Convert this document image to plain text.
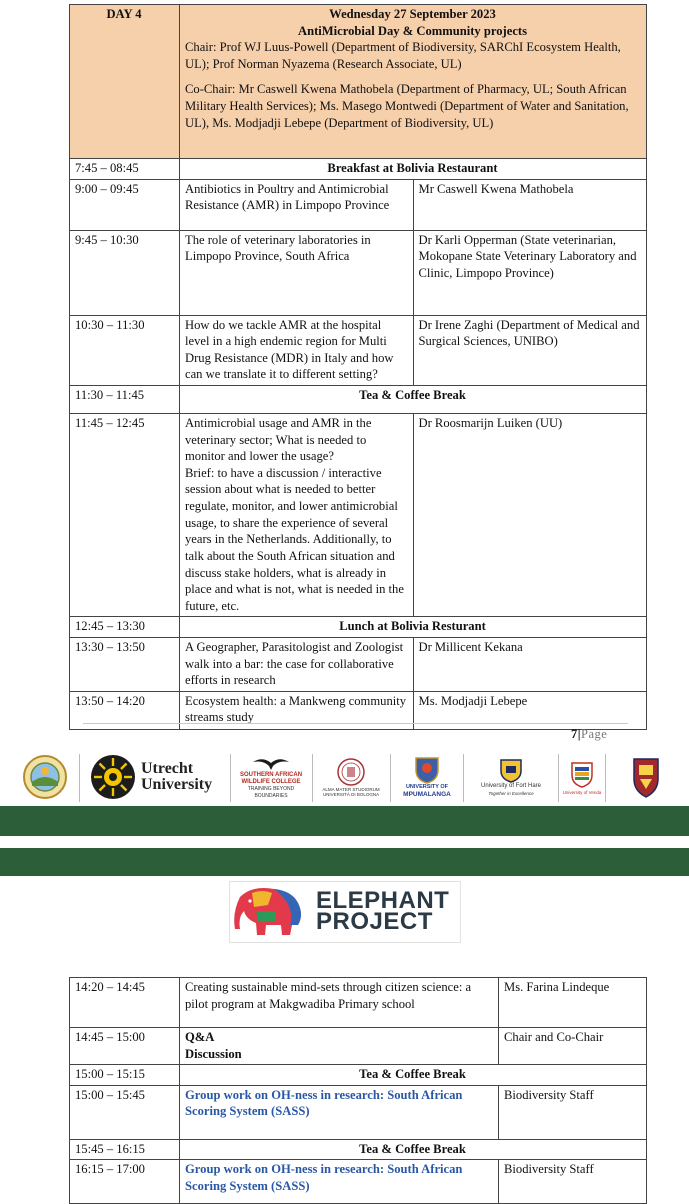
DAY 4	Wednesday 27 September 2023
AntiMicrobial Day & Community projects
Chair: Prof WJ Luus-Powell (Department of Biodiversity, SARChI Ecosystem Health, UL); Prof Norman Nyazema (Research Associate, UL)
Co-Chair: Mr Caswell Kwena Mathobela (Department of Pharmacy, UL; South African Military Health Services); Ms. Masego Montwedi (Department of Water and Sanitation, UL), Ms. Modjadji Lebepe (Department of Biodiversity, UL)	

7:45 – 08:45	Breakfast at Bolivia Restaurant	
9:00 – 09:45	Antibiotics in Poultry and Antimicrobial Resistance (AMR) in Limpopo Province	Mr Caswell Kwena Mathobela
9:45 – 10:30	The role of veterinary laboratories in Limpopo Province, South Africa	Dr Karli Opperman (State veterinarian, Mokopane State Veterinary Laboratory and Clinic, Limpopo Province)
10:30 – 11:30	How do we tackle AMR at the hospital level in a high endemic region for Multi Drug Resistance (MDR) in Italy and how can we translate it to different setting?	Dr Irene Zaghi (Department of Medical and Surgical Sciences, UNIBO)
11:30 – 11:45	Tea & Coffee Break	
11:45 – 12:45	Antimicrobial usage and AMR in the veterinary sector; What is needed to monitor and lower the usage?
Brief: to have a discussion / interactive session about what is needed to better regulate, monitor, and lower antimicrobial usage, to share the experience of several years in the Netherlands. Additionally, to talk about the South African situation and discuss stake holders, what is already in place and what is not, what is needed in the future, etc.	Dr Roosmarijn Luiken (UU)
12:45 – 13:30	Lunch at Bolivia Resturant	
13:30 – 13:50	A Geographer, Parasitologist and Zoologist walk into a bar: the case for collaborative efforts in research	Dr Millicent Kekana
13:50 – 14:20	Ecosystem health: a Mankweng community streams study	Ms. Modjadji Lebepe
7|Page
Utrecht
University
SOUTHERN AFRICAN WILDLIFE COLLEGE
TRAINING BEYOND BOUNDARIES
ALMA MATER STUDIORUM UNIVERSITÀ DI BOLOGNA
UNIVERSITY OF
MPUMALANGA
University of Fort Hare
Together in Excellence	University of Venda
ELEPHANT
PROJECT
14:20 – 14:45	Creating sustainable mind-sets through citizen science: a pilot program at Makgwadiba Primary school	Ms. Farina Lindeque
14:45 – 15:00	Q&A
Discussion	Chair and Co-Chair
15:00 – 15:15	Tea & Coffee Break	
15:00 – 15:45	Group work on OH-ness in research: South African Scoring System (SASS)	Biodiversity Staff
15:45 – 16:15	Tea & Coffee Break	
16:15 – 17:00	Group work on OH-ness in research: South African Scoring System (SASS)	Biodiversity Staff
